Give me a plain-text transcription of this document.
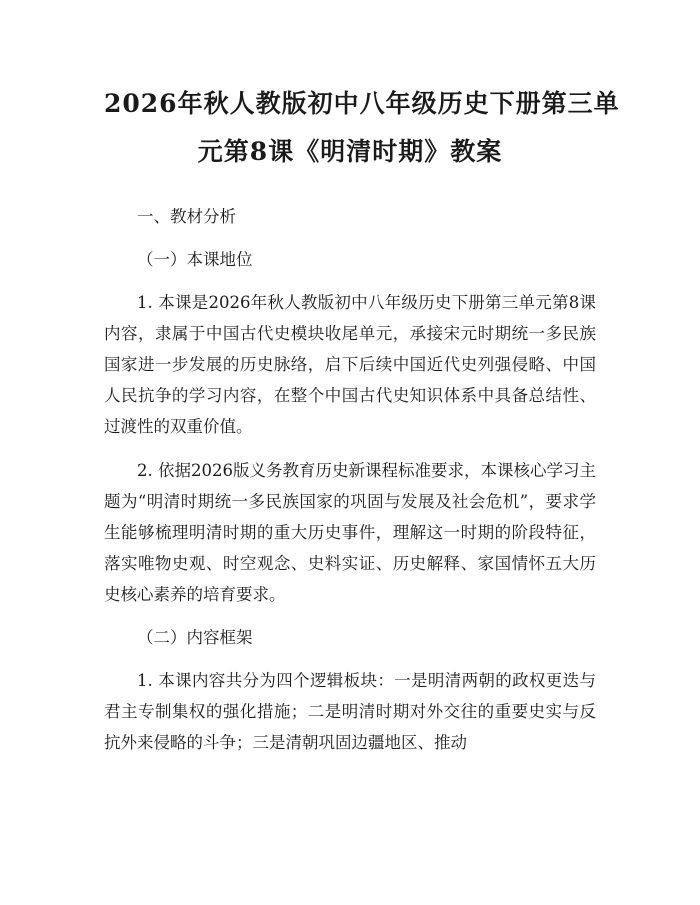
2026年秋人教版初中八年级历史下册第三单
元第8课《明清时期》教案

一、教材分析

（一）本课地位

1. 本课是2026年秋人教版初中八年级历史下册第三单元第8课内容，隶属于中国古代史模块收尾单元，承接宋元时期统一多民族国家进一步发展的历史脉络，启下后续中国近代史列强侵略、中国人民抗争的学习内容，在整个中国古代史知识体系中具备总结性、过渡性的双重价值。

2. 依据2026版义务教育历史新课程标准要求，本课核心学习主题为“明清时期统一多民族国家的巩固与发展及社会危机”，要求学生能够梳理明清时期的重大历史事件，理解这一时期的阶段特征，落实唯物史观、时空观念、史料实证、历史解释、家国情怀五大历史核心素养的培育要求。

（二）内容框架

1. 本课内容共分为四个逻辑板块：一是明清两朝的政权更迭与君主专制集权的强化措施；二是明清时期对外交往的重要史实与反抗外来侵略的斗争；三是清朝巩固边疆地区、推动
